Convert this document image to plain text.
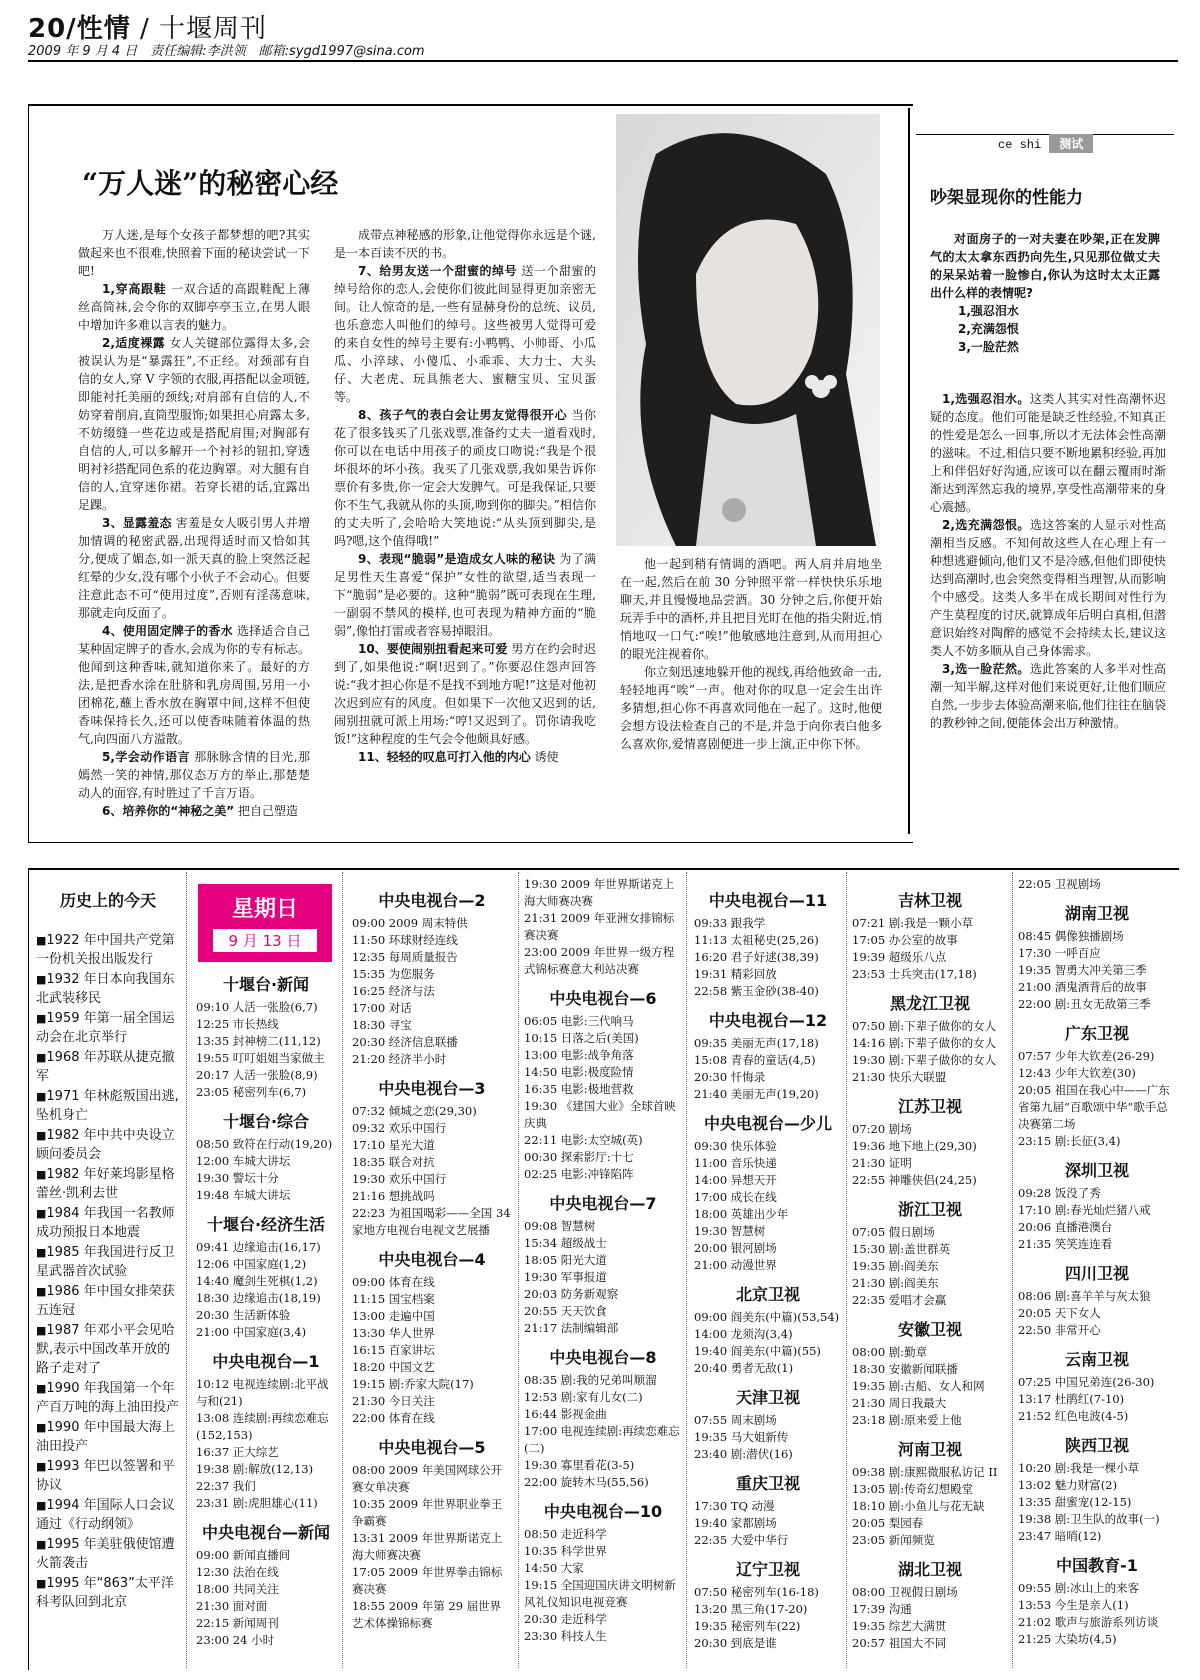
20/性情 / 十堰周刊
2009 年 9 月 4 日　责任编辑:李洪领　邮箱:sygd1997@sina.com
“万人迷”的秘密心经

万人迷,是每个女孩子都梦想的吧?其实做起来也不很难,快照着下面的秘诀尝试一下吧!

1,穿高跟鞋 一双合适的高跟鞋配上薄丝高筒袜,会令你的双脚亭亭玉立,在男人眼中增加许多难以言表的魅力。

2,适度裸露 女人关键部位露得太多,会被误认为是“暴露狂”,不正经。对颈部有自信的女人,穿 V 字领的衣服,再搭配以金项链,即能衬托美丽的颈线;对肩部有自信的人,不妨穿着削肩,直筒型服饰;如果担心肩露太多,不妨缀缝一些花边或是搭配肩围;对胸部有自信的人,可以多解开一个衬衫的钮扣,穿透明衬衫搭配同色系的花边胸罩。对大腿有自信的人,宜穿迷你裙。若穿长裙的话,宜露出足踝。

3、显露羞态 害羞是女人吸引男人并增加情调的秘密武器,出现得适时而又恰如其分,便成了媚态,如一派天真的脸上突然泛起红晕的少女,没有哪个小伙子不会动心。但要注意此态不可“使用过度”,否则有淫荡意味,那就走向反面了。

4、使用固定牌子的香水 选择适合自己某种固定牌子的香水,会成为你的专有标志。他闻到这种香味,就知道你来了。最好的方法,是把香水涂在肚脐和乳房周围,另用一小团棉花,蘸上香水放在胸罩中间,这样不但使香味保持长久,还可以使香味随着体温的热气,向四面八方溢散。

5,学会动作语言 那脉脉含情的目光,那嫣然一笑的神情,那仪态万方的举止,那楚楚动人的面容,有时胜过了千言万语。

6、培养你的“神秘之美” 把自己塑造

成带点神秘感的形象,让他觉得你永远是个谜,是一本百读不厌的书。

7、给男友送一个甜蜜的绰号 送一个甜蜜的绰号给你的恋人,会使你们彼此间显得更加亲密无间。让人惊奇的是,一些有显赫身份的总统、议员,也乐意恋人叫他们的绰号。这些被男人觉得可爱的来自女性的绰号主要有:小鸭鸭、小帅哥、小瓜瓜、小淬球、小傻瓜、小乖乖、大力士、大头仔、大老虎、玩具熊老大、蜜糖宝贝、宝贝蛋等。

8、孩子气的表白会让男友觉得很开心 当你花了很多钱买了几张戏票,准备约丈夫一道看戏时,你可以在电话中用孩子的顽皮口吻说:“我是个很坏很坏的坏小孩。我买了几张戏票,我如果告诉你票价有多贵,你一定会大发脾气。可是我保证,只要你不生气,我就从你的头顶,吻到你的脚尖。”相信你的丈夫听了,会哈哈大笑地说:“从头顶到脚尖,是吗?嗯,这个值得哦!”

9、表现“脆弱”是造成女人味的秘诀 为了满足男性天生喜爱“保护”女性的欲望,适当表现一下“脆弱”是必要的。这种“脆弱”既可表现在生理,一副弱不禁风的模样,也可表现为精神方面的“脆弱”,像怕打雷或者容易掉眼泪。

10、要使闹别扭看起来可爱 男方在约会时迟到了,如果他说:“啊!迟到了。”你要忍住怨声回答说:“我才担心你是不是找不到地方呢!”这是对他初次迟到应有的风度。但如果下一次他又迟到的话,闹别扭就可派上用场:“哼!又迟到了。罚你请我吃饭!”这种程度的生气会令他颇具好感。

11、轻轻的叹息可打入他的内心 诱使

他一起到稍有情调的酒吧。两人肩并肩地坐在一起,然后在前 30 分钟照平常一样快快乐乐地聊天,并且慢慢地品尝酒。30 分钟之后,你便开始玩弄手中的酒杯,并且把目光盯在他的指尖附近,悄悄地叹一口气:“唉!”他敏感地注意到,从而用担心的眼光注视着你。

你立刻迅速地躲开他的视线,再给他致命一击,轻轻地再“唉”一声。他对你的叹息一定会生出许多猜想,担心你不再喜欢同他在一起了。这时,他便会想方设法检查自己的不是,并急于向你表白他多么喜欢你,爱情喜剧便进一步上演,正中你下怀。

ce shi 测试
吵架显现你的性能力
对面房子的一对夫妻在吵架,正在发脾气的太太拿东西扔向先生,只见那位做丈夫的呆呆站着一脸惨白,你认为这时太太正露出什么样的表情呢?
1,强忍泪水
2,充满怨恨
3,一脸茫然

1,选强忍泪水。这类人其实对性高潮怀迟疑的态度。他们可能是缺乏性经验,不知真正的性爱是怎么一回事,所以才无法体会性高潮的滋味。不过,相信只要不断地累积经验,再加上和伴侣好好沟通,应该可以在翻云覆雨时渐渐达到浑然忘我的境界,享受性高潮带来的身心震撼。

2,选充满怨恨。选这答案的人显示对性高潮相当反感。不知何故这些人在心理上有一种想逃避倾向,他们又不是冷感,但他们即使快达到高潮时,也会突然变得相当理智,从而影响个中感受。这类人多半在成长期间对性行为产生莫程度的讨厌,就算成年后明白真相,但潜意识始终对陶醉的感觉不会持续太长,建议这类人不妨多顺从自己身体需求。

3,选一脸茫然。选此答案的人多半对性高潮一知半解,这样对他们来说更好,让他们顺应自然,一步步去体验高潮来临,他们往往在脑袋的教秒钟之间,便能体会出万种激情。

历史上的今天
■1922 年中国共产党第一份机关报出版发行
■1932 年日本向我国东北武装移民
■1959 年第一届全国运动会在北京举行
■1968 年苏联从捷克撤军
■1971 年林彪叛国出逃,坠机身亡
■1982 年中共中央设立顾问委员会
■1982 年好莱坞影星格蕾丝·凯利去世
■1984 年我国一名教师成功预报日本地震
■1985 年我国进行反卫星武器首次试验
■1986 年中国女排荣获五连冠
■1987 年邓小平会见哈默,表示中国改革开放的路子走对了
■1990 年我国第一个年产百万吨的海上油田投产
■1990 年中国最大海上油田投产
■1993 年巴以签署和平协议
■1994 年国际人口会议通过《行动纲领》
■1995 年美驻俄使馆遭火箭袭击
■1995 年“863”太平洋科考队回到北京
星期日
9 月 13 日
十堰台·新闻
09:10 人活一张脸(6,7)
12:25 市长热线
13:35 封神榜二(11,12)
19:55 叮叮姐姐当家做主
20:17 人活一张脸(8,9)
23:05 秘密列车(6,7)
十堰台·综合
08:50 致符在行动(19,20)
12:00 车城大讲坛
19:30 警坛十分
19:48 车城大讲坛
十堰台·经济生活
09:41 边缘追击(16,17)
12:06 中国家庭(1,2)
14:40 魔剑生死棋(1,2)
18:30 边缘追击(18,19)
20:30 生活新体验
21:00 中国家庭(3,4)
中央电视台—1
10:12 电视连续剧:北平战与和(21)
13:08 连续剧:再续恋难忘(152,153)
16:37 正大综艺
19:38 剧:解放(12,13)
22:37 我们
23:31 剧:虎胆雄心(11)
中央电视台—新闻
09:00 新闻直播间
12:30 法治在线
18:00 共同关注
21:30 面对面
22:15 新闻周刊
23:00 24 小时
中央电视台—2
09:00 2009 周末特供
11:50 环球财经连线
12:35 每周质量报告
15:35 为您服务
16:25 经济与法
17:00 对话
18:30 寻宝
20:30 经济信息联播
21:20 经济半小时
中央电视台—3
07:32 倾城之恋(29,30)
09:32 欢乐中国行
17:10 星光大道
18:35 联合对抗
19:30 欢乐中国行
21:16 想挑战吗
22:23 为祖国喝彩——全国 34 家地方电视台电视文艺展播
中央电视台—4
09:00 体育在线
11:15 国宝档案
13:00 走遍中国
13:30 华人世界
16:15 百家讲坛
18:20 中国文艺
19:15 剧:乔家大院(17)
21:30 今日关注
22:00 体育在线
中央电视台—5
08:00 2009 年美国网球公开赛女单决赛
10:35 2009 年世界职业拳王争霸赛
13:31 2009 年世界斯诺克上海大师赛决赛
17:05 2009 年世界拳击锦标赛决赛
18:55 2009 年第 29 届世界艺术体操锦标赛
19:30 2009 年世界斯诺克上海大师赛决赛
21:31 2009 年亚洲女排锦标赛决赛
23:00 2009 年世界一级方程式锦标赛意大利站决赛
中央电视台—6
06:05 电影:三代响马
10:15 日落之后(美国)
13:00 电影:战争角落
14:50 电影:极度险情
16:35 电影:极地营救
19:30 《建国大业》全球首映庆典
22:11 电影:太空城(英)
00:30 探索影厅:十七
02:25 电影:冲锋陷阵
中央电视台—7
09:08 智慧树
15:34 超级战士
18:05 阳光大道
19:30 军事报道
20:03 防务新观察
20:55 天天饮食
21:17 法制编辑部
中央电视台—8
08:35 剧:我的兄弟叫顺溜
12:53 剧:家有儿女(二)
16:44 影视金曲
17:00 电视连续剧:再续恋难忘(二)
19:30 寡里看花(3-5)
22:00 旋转木马(55,56)
中央电视台—10
08:50 走近科学
10:35 科学世界
14:50 大家
19:15 全国迎国庆讲文明树新风礼仪知识电视竞赛
20:30 走近科学
23:30 科技人生
中央电视台—11
09:33 跟我学
11:13 太祖秘史(25,26)
16:20 君子好逑(38,39)
19:31 精彩回放
22:58 紫玉金砂(38-40)
中央电视台—12
09:35 美丽无声(17,18)
15:08 青春的童话(4,5)
20:30 忏悔录
21:40 美丽无声(19,20)
中央电视台—少儿
09:30 快乐体验
11:00 音乐快递
14:00 异想天开
17:00 成长在线
18:00 英雄出少年
19:30 智慧树
20:00 银河剧场
21:00 动漫世界
北京卫视
09:00 阎美东(中篇)(53,54)
14:00 龙须沟(3,4)
19:40 阎美东(中篇)(55)
20:40 勇者无敌(1)
天津卫视
07:55 周末剧场
19:35 马大姐新传
23:40 剧:潜伏(16)
重庆卫视
17:30 TQ 动漫
19:40 家都剧场
22:35 大爱中华行
辽宁卫视
07:50 秘密列车(16-18)
13:20 黑三角(17-20)
19:35 秘密列车(22)
20:30 到底是谁
吉林卫视
07:21 剧:我是一颗小草
17:05 办公室的故事
19:39 超级乐八点
23:53 士兵突击(17,18)
黑龙江卫视
07:50 剧:下辈子做你的女人
14:16 剧:下辈子做你的女人
19:30 剧:下辈子做你的女人
21:30 快乐大联盟
江苏卫视
07:20 剧场
19:36 地下地上(29,30)
21:30 证明
22:55 神雕侠侣(24,25)
浙江卫视
07:05 假日剧场
15:30 剧:盖世群英
19:35 剧:阎美东
21:30 剧:阎美东
22:35 爱唱才会赢
安徽卫视
08:00 剧:勤章
18:30 安徽新闻联播
19:35 剧:古船、女人和网
21:30 周日我最大
23:18 剧:原来爱上他
河南卫视
09:38 剧:康熙微服私访记 II
13:05 剧:传奇幻想殿堂
18:10 剧:小鱼儿与花无缺
20:05 梨园春
23:05 新闻频览
湖北卫视
08:00 卫视假日剧场
17:39 沟通
19:35 综艺大满贯
20:57 祖国大不同
22:05 卫视剧场
湖南卫视
08:45 偶像独播剧场
17:30 一呼百应
19:35 智勇大冲关第三季
21:00 酒鬼酒背后的故事
22:00 剧:丑女无敌第三季
广东卫视
07:57 少年大钦差(26-29)
12:43 少年大钦差(30)
20:05 祖国在我心中——广东省第九届“百歌颂中华”歌手总决赛第二场
23:15 剧:长征(3,4)
深圳卫视
09:28 饭没了秀
17:10 剧:春光灿烂猪八戒
20:06 直播港澳台
21:35 笑笑连连看
四川卫视
08:06 剧:喜羊羊与灰太狼
20:05 天下女人
22:50 非常开心
云南卫视
07:25 中国兄弟连(26-30)
13:17 杜鹃红(7-10)
21:52 红色电波(4-5)
陕西卫视
10:20 剧:我是一棵小草
13:02 魅力财富(2)
13:35 甜蜜宠(12-15)
19:38 剧:卫生队的故事(一)
23:47 暗哨(12)
中国教育-1
09:55 剧:冰山上的来客
13:53 今生是亲人(1)
21:02 歌声与旅游系列访谈
21:25 大染坊(4,5)
